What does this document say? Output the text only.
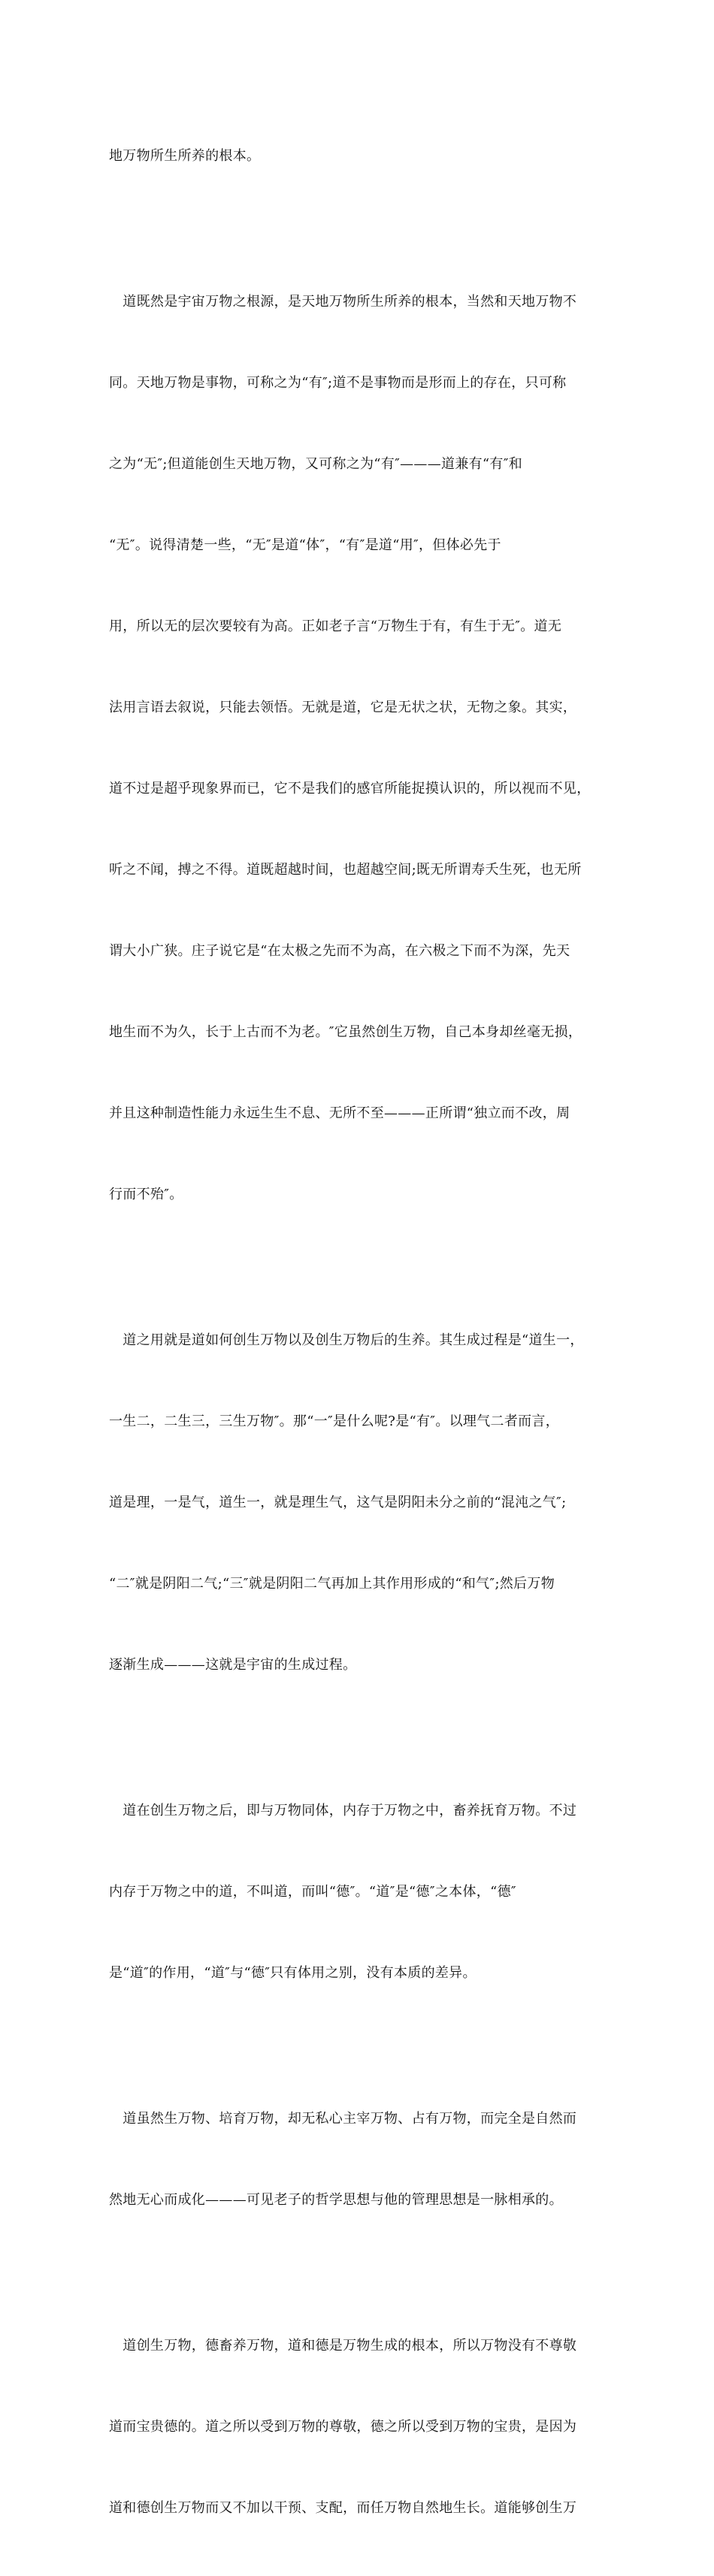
地万物所生所养的根本。

　道既然是宇宙万物之根源，是天地万物所生所养的根本，当然和天地万物不

同。天地万物是事物，可称之为“有″;道不是事物而是形而上的存在，只可称

之为“无″;但道能创生天地万物，又可称之为“有″———道兼有“有″和

“无″。说得清楚一些，“无″是道“体″，“有″是道“用″，但体必先于

用，所以无的层次要较有为高。正如老子言“万物生于有，有生于无″。道无

法用言语去叙说，只能去领悟。无就是道，它是无状之状，无物之象。其实，

道不过是超乎现象界而已，它不是我们的感官所能捉摸认识的，所以视而不见，

听之不闻，搏之不得。道既超越时间，也超越空间;既无所谓寿夭生死，也无所

谓大小广狭。庄子说它是“在太极之先而不为高，在六极之下而不为深，先天

地生而不为久，长于上古而不为老。″它虽然创生万物，自己本身却丝毫无损，

并且这种制造性能力永远生生不息、无所不至———正所谓“独立而不改，周

行而不殆″。

　道之用就是道如何创生万物以及创生万物后的生养。其生成过程是“道生一，

一生二，二生三，三生万物″。那“一″是什么呢?是“有″。以理气二者而言，

道是理，一是气，道生一，就是理生气，这气是阴阳未分之前的“混沌之气″;

“二″就是阴阳二气;“三″就是阴阳二气再加上其作用形成的“和气″;然后万物

逐渐生成———这就是宇宙的生成过程。

　道在创生万物之后，即与万物同体，内存于万物之中，畜养抚育万物。不过

内存于万物之中的道，不叫道，而叫“德″。“道″是“德″之本体，“德″

是“道″的作用，“道″与“德″只有体用之别，没有本质的差异。

　道虽然生万物、培育万物，却无私心主宰万物、占有万物，而完全是自然而

然地无心而成化———可见老子的哲学思想与他的管理思想是一脉相承的。

　道创生万物，德畜养万物，道和德是万物生成的根本，所以万物没有不尊敬

道而宝贵德的。道之所以受到万物的尊敬，德之所以受到万物的宝贵，是因为

道和德创生万物而又不加以干预、支配，而任万物自然地生长。道能够创生万
